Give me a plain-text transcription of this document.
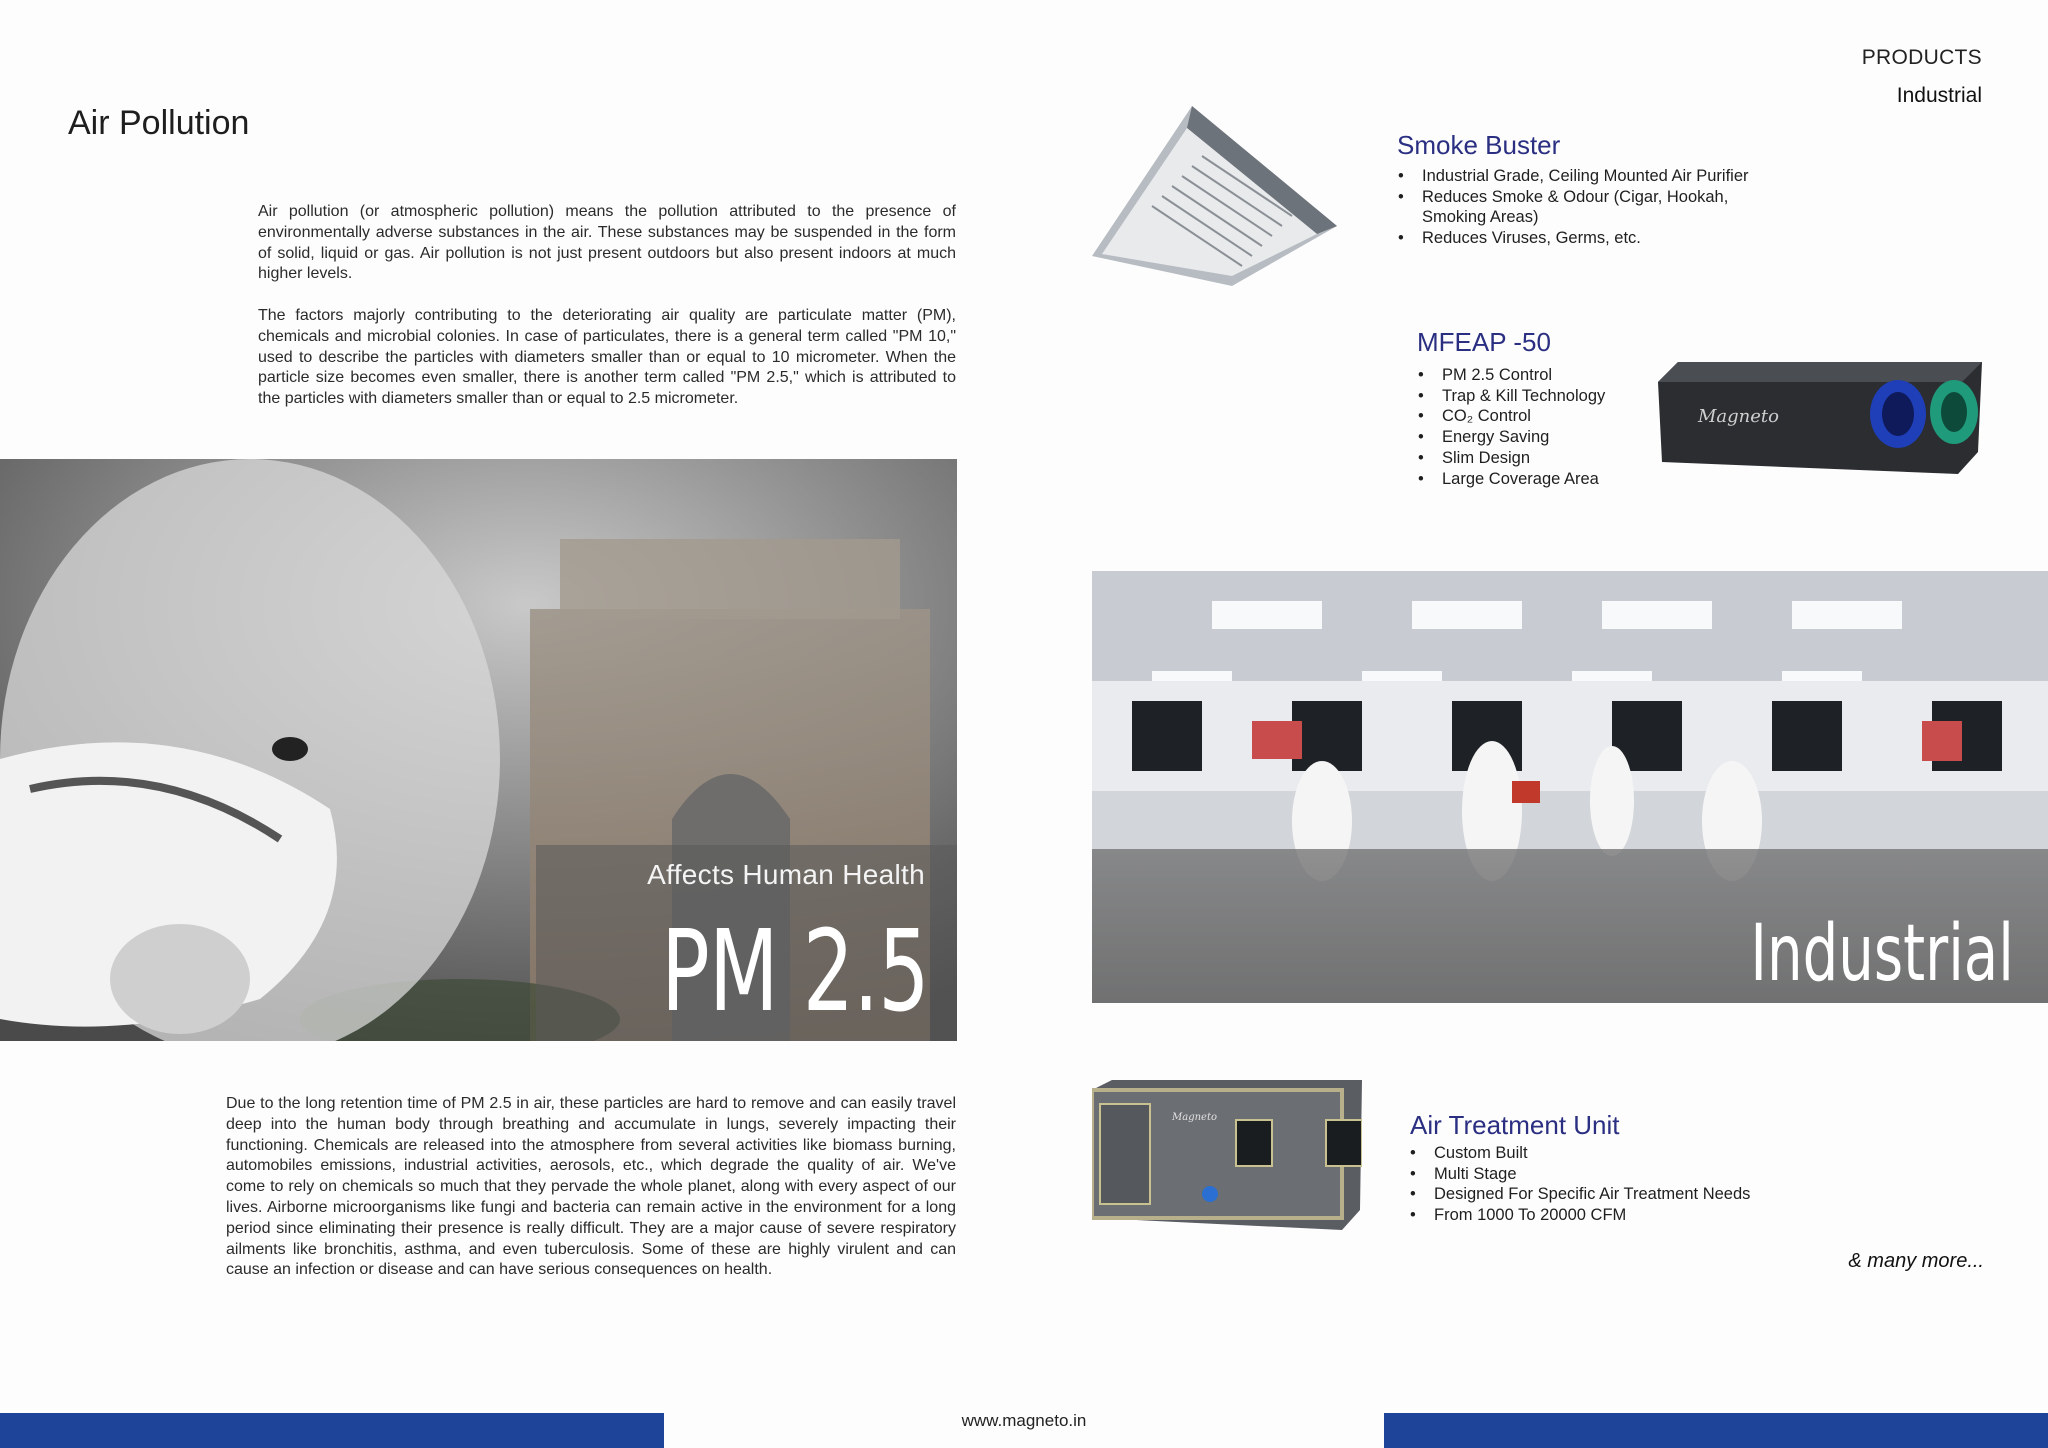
PRODUCTS
Industrial
Air Pollution

Air pollution (or atmospheric pollution) means the pollution attributed to the presence of environmentally adverse substances in the air. These substances may be suspended in the form of solid, liquid or gas. Air pollution is not just present outdoors but also present indoors at much higher levels.

The factors majorly contributing to the deteriorating air quality are particulate matter (PM), chemicals and microbial colonies. In case of particulates, there is a general term called "PM 10," used to describe the particles with diameters smaller than or equal to 10 micrometer. When the particle size becomes even smaller, there is another term called "PM 2.5," which is attributed to the particles with diameters smaller than or equal to 2.5 micrometer.

Affects Human Health
PM 2.5

Due to the long retention time of PM 2.5 in air, these particles are hard to remove and can easily travel deep into the human body through breathing and accumulate in lungs, severely impacting their functioning. Chemicals are released into the atmosphere from several activities like biomass burning, automobiles emissions, industrial activities, aerosols, etc., which degrade the quality of air. We've come to rely on chemicals so much that they pervade the whole planet, along with every aspect of our lives. Airborne microorganisms like fungi and bacteria can remain active in the environment for a long period since eliminating their presence is really difficult. They are a major cause of severe respiratory ailments like bronchitis, asthma, and even tuberculosis. Some of these are highly virulent and can cause an infection or disease and can have serious consequences on health.

Smoke Buster
• Industrial Grade, Ceiling Mounted Air Purifier
• Reduces Smoke & Odour (Cigar, Hookah, Smoking Areas)
• Reduces Viruses, Germs, etc.
MFEAP -50
• PM 2.5 Control
• Trap & Kill Technology
• CO₂ Control
• Energy Saving
• Slim Design
• Large Coverage Area
Magneto
Industrial
Magneto	Air Treatment Unit
• Custom Built
• Multi Stage
• Designed For Specific Air Treatment Needs
• From 1000 To 20000 CFM
& many more...
www.magneto.in
